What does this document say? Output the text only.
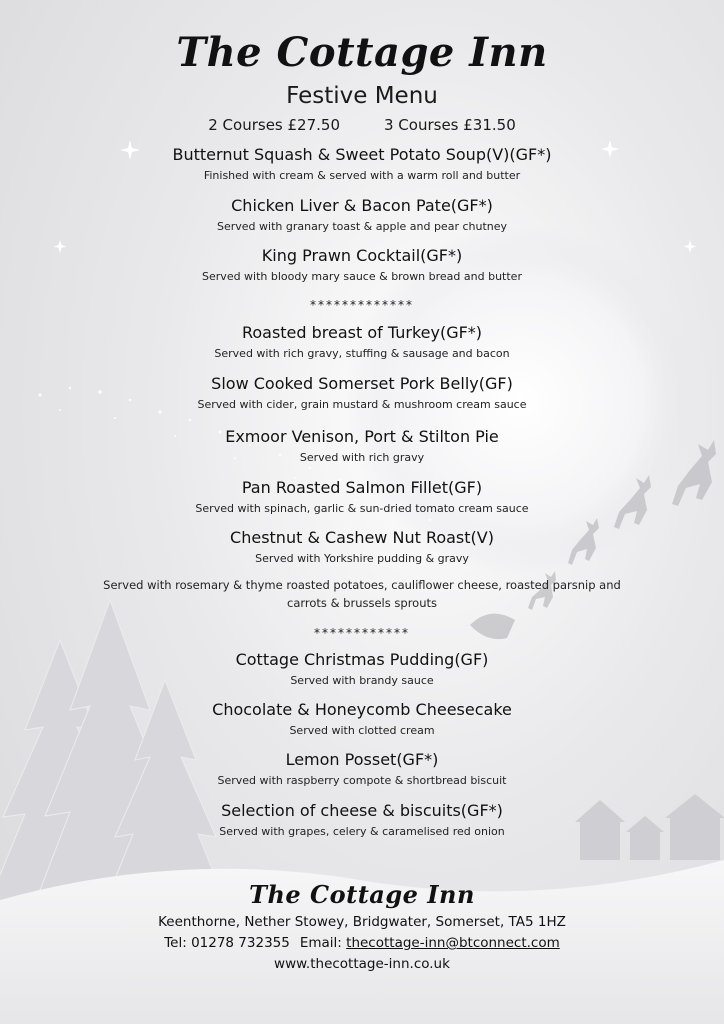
The Cottage Inn
Festive Menu
2 Courses £27.50	3 Courses £31.50
Butternut Squash & Sweet Potato Soup(V)(GF*)
Finished with cream & served with a warm roll and butter
Chicken Liver & Bacon Pate(GF*)
Served with granary toast & apple and pear chutney
King Prawn Cocktail(GF*)
Served with bloody mary sauce & brown bread and butter
*************
Roasted breast of Turkey(GF*)
Served with rich gravy, stuffing & sausage and bacon
Slow Cooked Somerset Pork Belly(GF)
Served with cider, grain mustard & mushroom cream sauce
Exmoor Venison, Port & Stilton Pie
Served with rich gravy
Pan Roasted Salmon Fillet(GF)
Served with spinach, garlic & sun-dried tomato cream sauce
Chestnut & Cashew Nut Roast(V)
Served with Yorkshire pudding & gravy
Served with rosemary & thyme roasted potatoes, cauliflower cheese, roasted parsnip and
carrots & brussels sprouts
************
Cottage Christmas Pudding(GF)
Served with brandy sauce
Chocolate & Honeycomb Cheesecake
Served with clotted cream
Lemon Posset(GF*)
Served with raspberry compote & shortbread biscuit
Selection of cheese & biscuits(GF*)
Served with grapes, celery & caramelised red onion
The Cottage Inn
Keenthorne, Nether Stowey, Bridgwater, Somerset, TA5 1HZ
Tel: 01278 732355 Email: thecottage-inn@btconnect.com
www.thecottage-inn.co.uk
